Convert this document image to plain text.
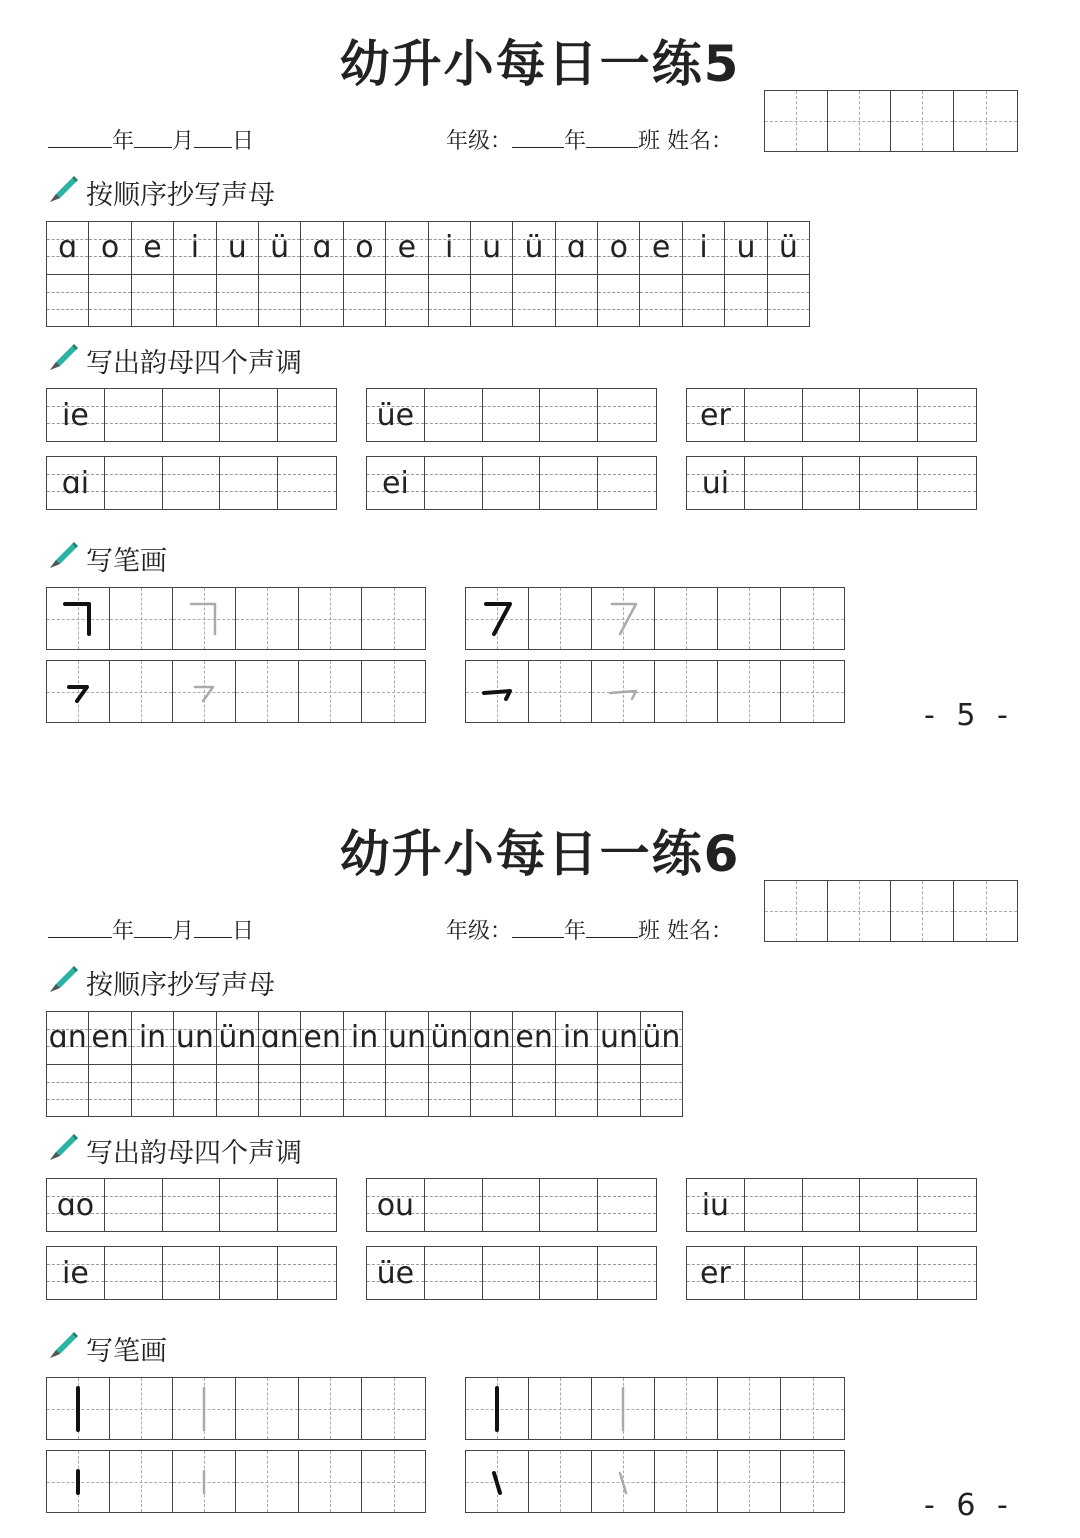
幼升小每日一练5
年 月 日	年级： 年 班 姓名：
按顺序抄写声母
写出韵母四个声调
写笔画
ɑ o e i u ü ɑ o e i u ü ɑ o e i u ü
ie	üe	er
ɑi	ei	ui
- 5 -
幼升小每日一练6
年 月 日	年级： 年 班 姓名：
按顺序抄写声母
写出韵母四个声调
写笔画
ɑn en in un ün ɑn en in un ün ɑn en in un ün
ɑo	ou	iu
ie	üe	er
- 6 -
